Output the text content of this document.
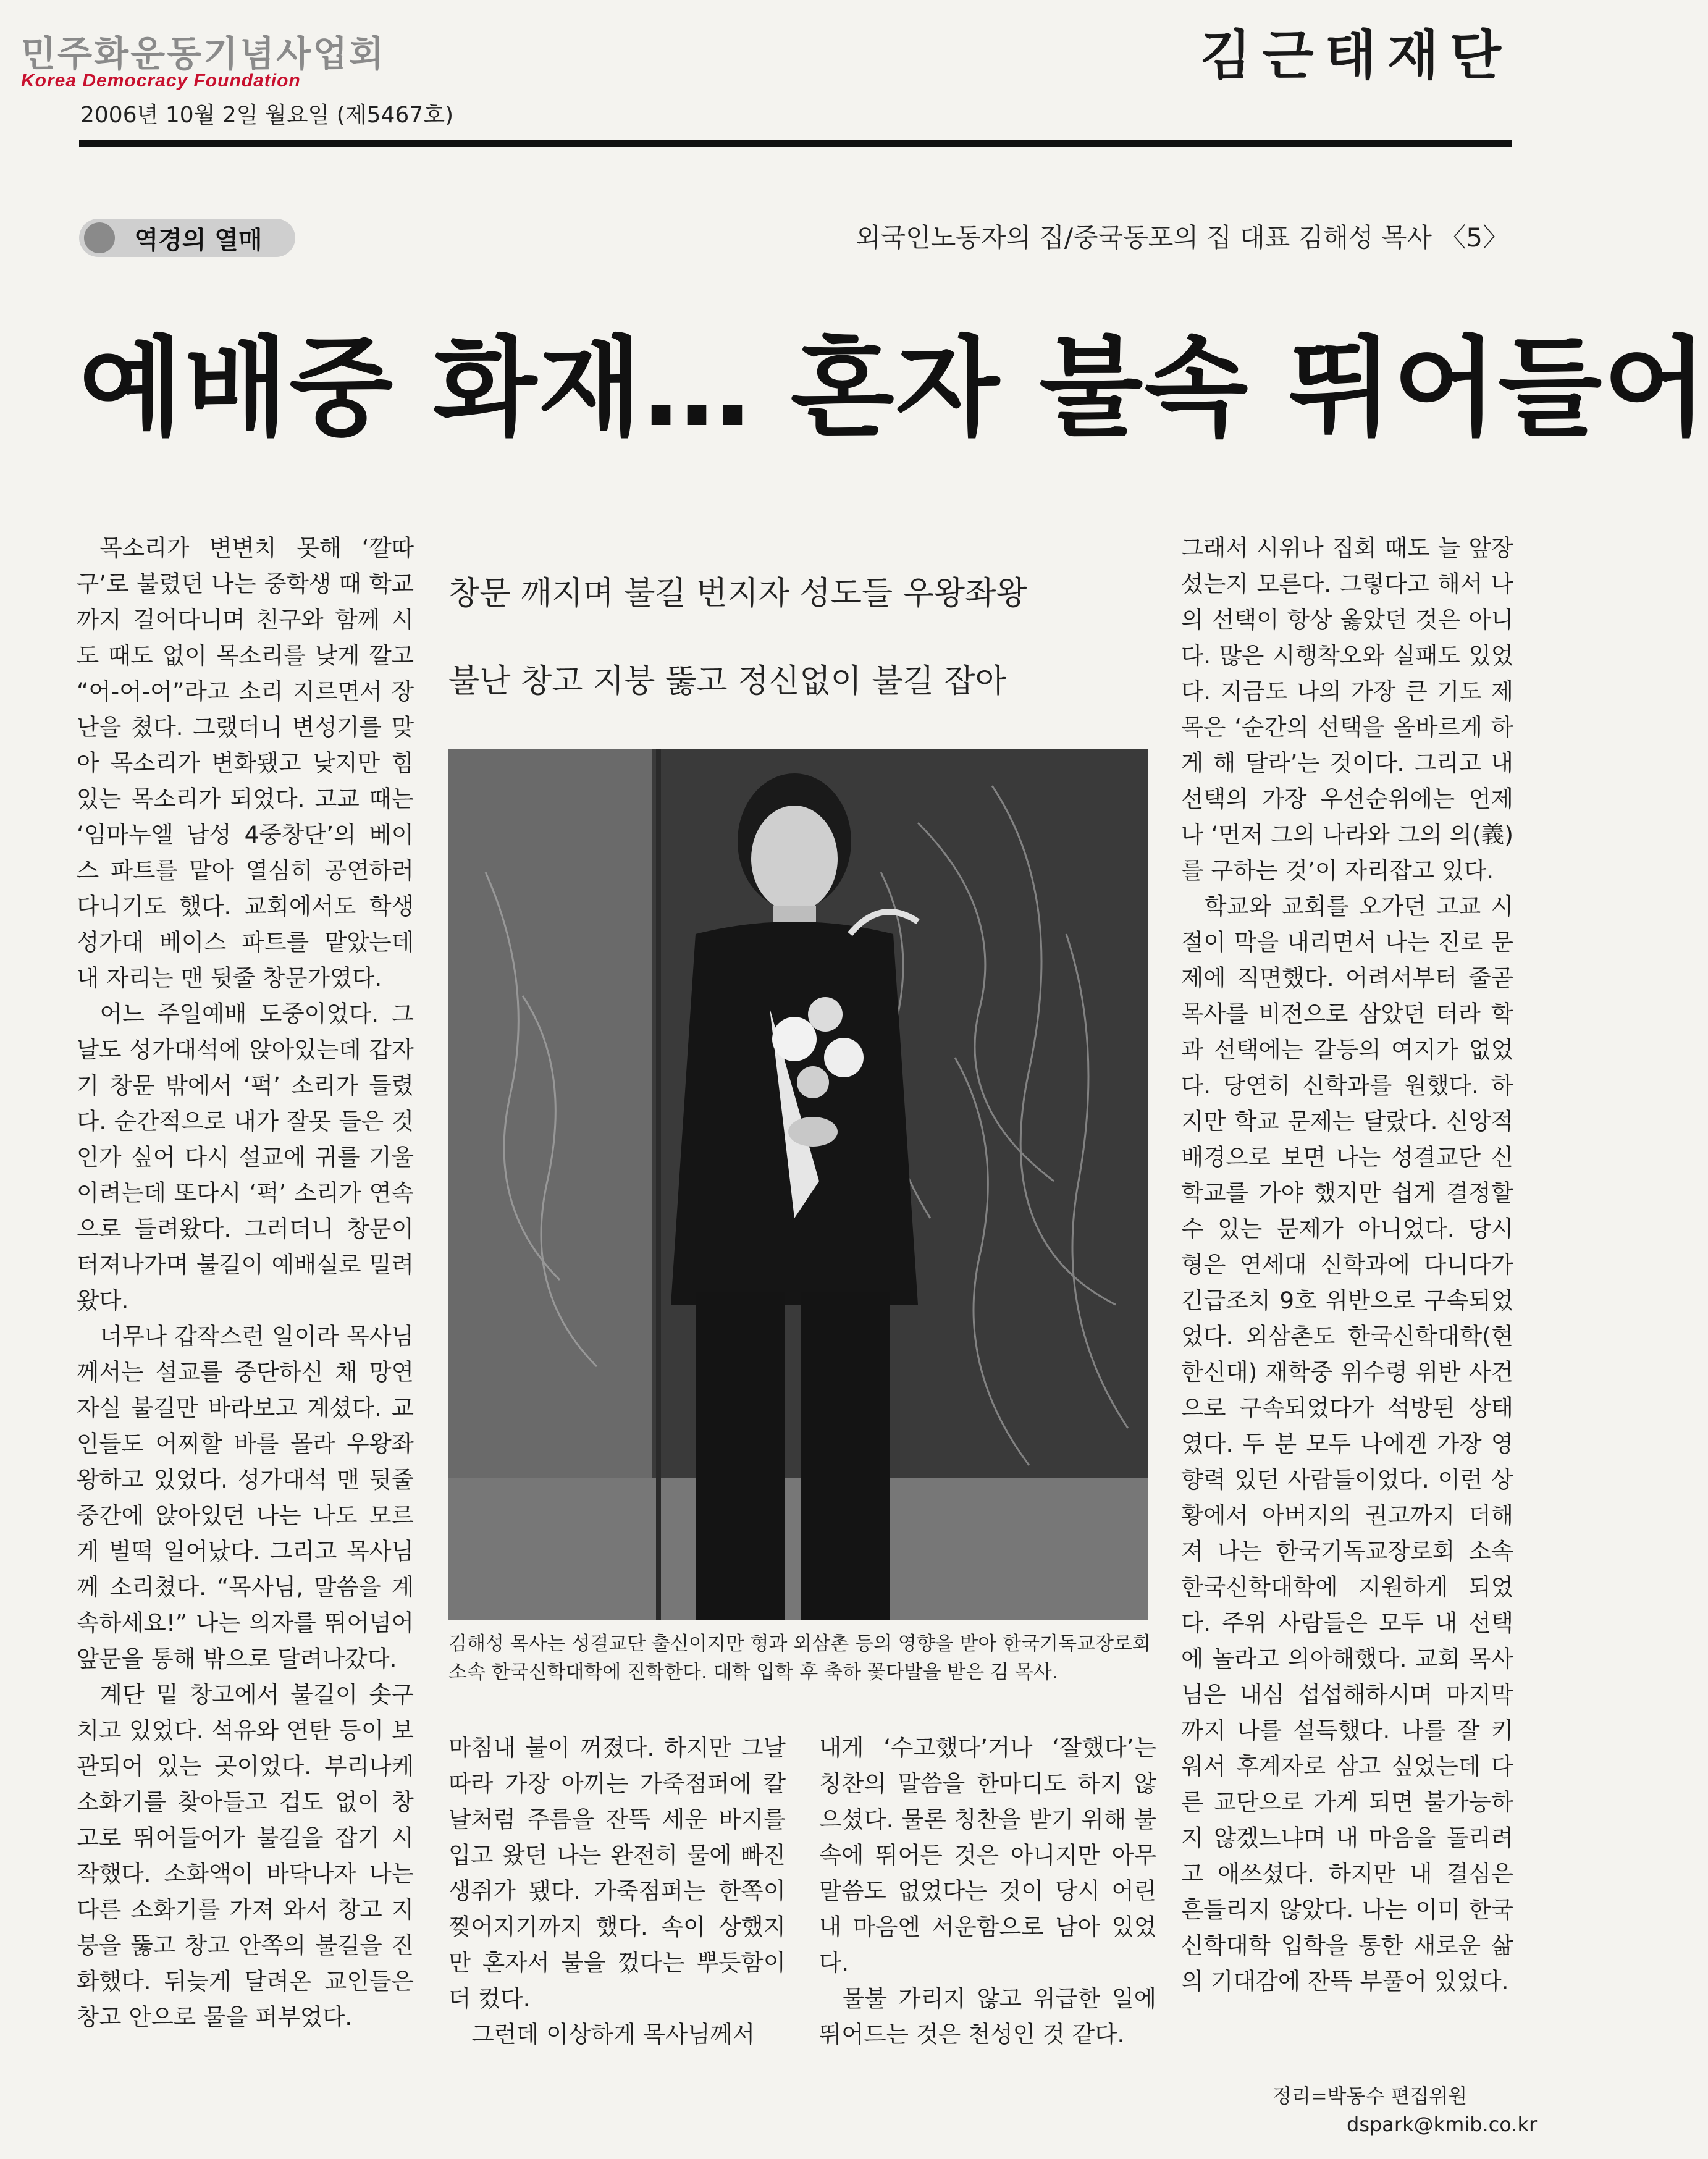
민주화운동기념사업회
Korea Democracy Foundation
2006년 10월 2일 월요일 (제5467호)
김근태재단
역경의 열매	외국인노동자의 집/중국동포의 집 대표 김해성 목사 〈5〉
예배중 화재… 혼자 불속 뛰어들어
창문 깨지며 불길 번지자 성도들 우왕좌왕
불난 창고 지붕 뚫고 정신없이 불길 잡아

목소리가 변변치 못해 ‘깔따구’로 불렸던 나는 중학생 때 학교까지 걸어다니며 친구와 함께 시도 때도 없이 목소리를 낮게 깔고 “어-어-어”라고 소리 지르면서 장난을 쳤다. 그랬더니 변성기를 맞아 목소리가 변화됐고 낮지만 힘 있는 목소리가 되었다. 고교 때는 ‘임마누엘 남성 4중창단’의 베이스 파트를 맡아 열심히 공연하러 다니기도 했다. 교회에서도 학생성가대 베이스 파트를 맡았는데 내 자리는 맨 뒷줄 창문가였다.

어느 주일예배 도중이었다. 그날도 성가대석에 앉아있는데 갑자기 창문 밖에서 ‘퍽’ 소리가 들렸다. 순간적으로 내가 잘못 들은 것인가 싶어 다시 설교에 귀를 기울이려는데 또다시 ‘퍽’ 소리가 연속으로 들려왔다. 그러더니 창문이 터져나가며 불길이 예배실로 밀려왔다.

너무나 갑작스런 일이라 목사님께서는 설교를 중단하신 채 망연자실 불길만 바라보고 계셨다. 교인들도 어찌할 바를 몰라 우왕좌왕하고 있었다. 성가대석 맨 뒷줄 중간에 앉아있던 나는 나도 모르게 벌떡 일어났다. 그리고 목사님께 소리쳤다. “목사님, 말씀을 계속하세요!” 나는 의자를 뛰어넘어 앞문을 통해 밖으로 달려나갔다.

계단 밑 창고에서 불길이 솟구치고 있었다. 석유와 연탄 등이 보관되어 있는 곳이었다. 부리나케 소화기를 찾아들고 겁도 없이 창고로 뛰어들어가 불길을 잡기 시작했다. 소화액이 바닥나자 나는 다른 소화기를 가져 와서 창고 지붕을 뚫고 창고 안쪽의 불길을 진화했다. 뒤늦게 달려온 교인들은 창고 안으로 물을 퍼부었다.

김해성 목사는 성결교단 출신이지만 형과 외삼촌 등의 영향을 받아 한국기독교장로회 소속 한국신학대학에 진학한다. 대학 입학 후 축하 꽃다발을 받은 김 목사.

마침내 불이 꺼졌다. 하지만 그날따라 가장 아끼는 가죽점퍼에 칼날처럼 주름을 잔뜩 세운 바지를 입고 왔던 나는 완전히 물에 빠진 생쥐가 됐다. 가죽점퍼는 한쪽이 찢어지기까지 했다. 속이 상했지만 혼자서 불을 껐다는 뿌듯함이 더 컸다.

그런데 이상하게 목사님께서

내게 ‘수고했다’거나 ‘잘했다’는 칭찬의 말씀을 한마디도 하지 않으셨다. 물론 칭찬을 받기 위해 불속에 뛰어든 것은 아니지만 아무 말씀도 없었다는 것이 당시 어린 내 마음엔 서운함으로 남아 있었다.

물불 가리지 않고 위급한 일에 뛰어드는 것은 천성인 것 같다.

그래서 시위나 집회 때도 늘 앞장섰는지 모른다. 그렇다고 해서 나의 선택이 항상 옳았던 것은 아니다. 많은 시행착오와 실패도 있었다. 지금도 나의 가장 큰 기도 제목은 ‘순간의 선택을 올바르게 하게 해 달라’는 것이다. 그리고 내 선택의 가장 우선순위에는 언제나 ‘먼저 그의 나라와 그의 의(義)를 구하는 것’이 자리잡고 있다.

학교와 교회를 오가던 고교 시절이 막을 내리면서 나는 진로 문제에 직면했다. 어려서부터 줄곧 목사를 비전으로 삼았던 터라 학과 선택에는 갈등의 여지가 없었다. 당연히 신학과를 원했다. 하지만 학교 문제는 달랐다. 신앙적 배경으로 보면 나는 성결교단 신학교를 가야 했지만 쉽게 결정할 수 있는 문제가 아니었다. 당시 형은 연세대 신학과에 다니다가 긴급조치 9호 위반으로 구속되었었다. 외삼촌도 한국신학대학(현 한신대) 재학중 위수령 위반 사건으로 구속되었다가 석방된 상태였다. 두 분 모두 나에겐 가장 영향력 있던 사람들이었다. 이런 상황에서 아버지의 권고까지 더해져 나는 한국기독교장로회 소속 한국신학대학에 지원하게 되었다. 주위 사람들은 모두 내 선택에 놀라고 의아해했다. 교회 목사님은 내심 섭섭해하시며 마지막까지 나를 설득했다. 나를 잘 키워서 후계자로 삼고 싶었는데 다른 교단으로 가게 되면 불가능하지 않겠느냐며 내 마음을 돌리려고 애쓰셨다. 하지만 내 결심은 흔들리지 않았다. 나는 이미 한국신학대학 입학을 통한 새로운 삶의 기대감에 잔뜩 부풀어 있었다.

정리=박동수 편집위원
dspark@kmib.co.kr
